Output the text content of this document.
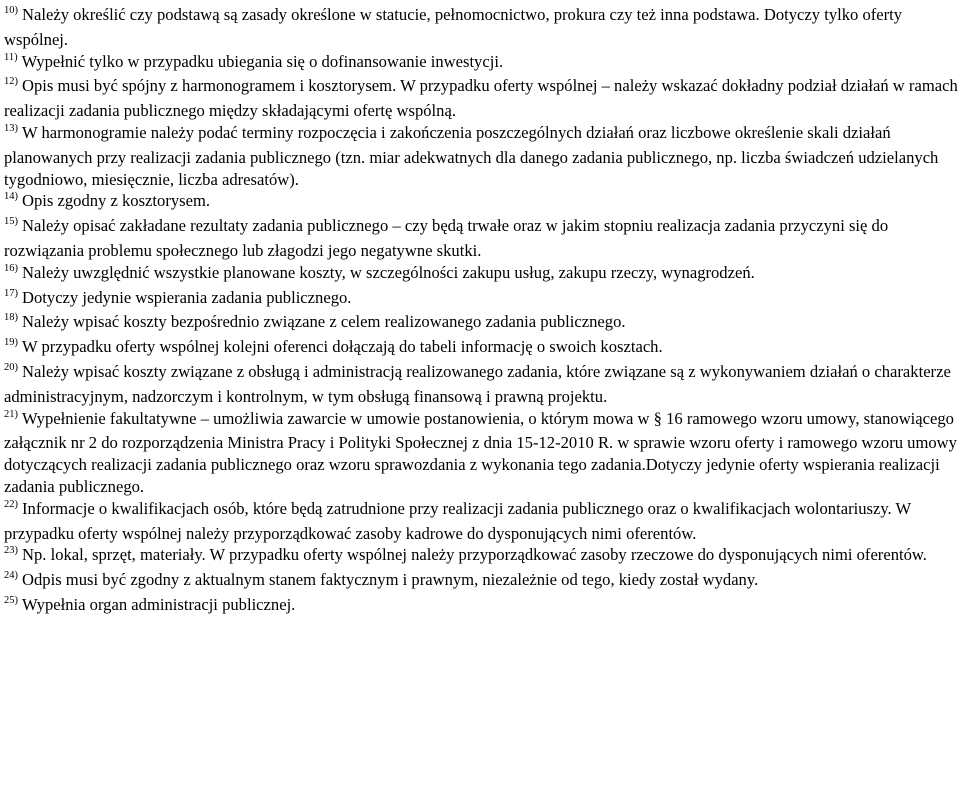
$^{10)}$ Należy określić czy podstawą są zasady określone w statucie, pełnomocnictwo, prokura czy też inna podstawa. Dotyczy tylko oferty wspólnej.

$^{11)}$ Wypełnić tylko w przypadku ubiegania się o dofinansowanie inwestycji.

$^{12)}$ Opis musi być spójny z harmonogramem i kosztorysem. W przypadku oferty wspólnej – należy wskazać dokładny podział działań w ramach realizacji zadania publicznego między składającymi ofertę wspólną.

$^{13)}$ W harmonogramie należy podać terminy rozpoczęcia i zakończenia poszczególnych działań oraz liczbowe określenie skali działań planowanych przy realizacji zadania publicznego (tzn. miar adekwatnych dla danego zadania publicznego, np. liczba świadczeń udzielanych tygodniowo, miesięcznie, liczba adresatów).

$^{14)}$ Opis zgodny z kosztorysem.

$^{15)}$ Należy opisać zakładane rezultaty zadania publicznego – czy będą trwałe oraz w jakim stopniu realizacja zadania przyczyni się do rozwiązania problemu społecznego lub złagodzi jego negatywne skutki.

$^{16)}$ Należy uwzględnić wszystkie planowane koszty, w szczególności zakupu usług, zakupu rzeczy, wynagrodzeń.

$^{17)}$ Dotyczy jedynie wspierania zadania publicznego.

$^{18)}$ Należy wpisać koszty bezpośrednio związane z celem realizowanego zadania publicznego.

$^{19)}$ W przypadku oferty wspólnej kolejni oferenci dołączają do tabeli informację o swoich kosztach.

$^{20)}$ Należy wpisać koszty związane z obsługą i administracją realizowanego zadania, które związane są z wykonywaniem działań o charakterze administracyjnym, nadzorczym i kontrolnym, w tym obsługą finansową i prawną projektu.

$^{21)}$ Wypełnienie fakultatywne – umożliwia zawarcie w umowie postanowienia, o którym mowa w § 16 ramowego wzoru umowy, stanowiącego załącznik nr 2 do rozporządzenia Ministra Pracy i Polityki Społecznej z dnia 15-12-2010 R. w sprawie wzoru oferty i ramowego wzoru umowy dotyczących realizacji zadania publicznego oraz wzoru sprawozdania z wykonania tego zadania.Dotyczy jedynie oferty wspierania realizacji zadania publicznego.

$^{22)}$ Informacje o kwalifikacjach osób, które będą zatrudnione przy realizacji zadania publicznego oraz o kwalifikacjach wolontariuszy. W przypadku oferty wspólnej należy przyporządkować zasoby kadrowe do dysponujących nimi oferentów.

$^{23)}$ Np. lokal, sprzęt, materiały. W przypadku oferty wspólnej należy przyporządkować zasoby rzeczowe do dysponujących nimi oferentów.

$^{24)}$ Odpis musi być zgodny z aktualnym stanem faktycznym i prawnym, niezależnie od tego, kiedy został wydany.

$^{25)}$ Wypełnia organ administracji publicznej.
